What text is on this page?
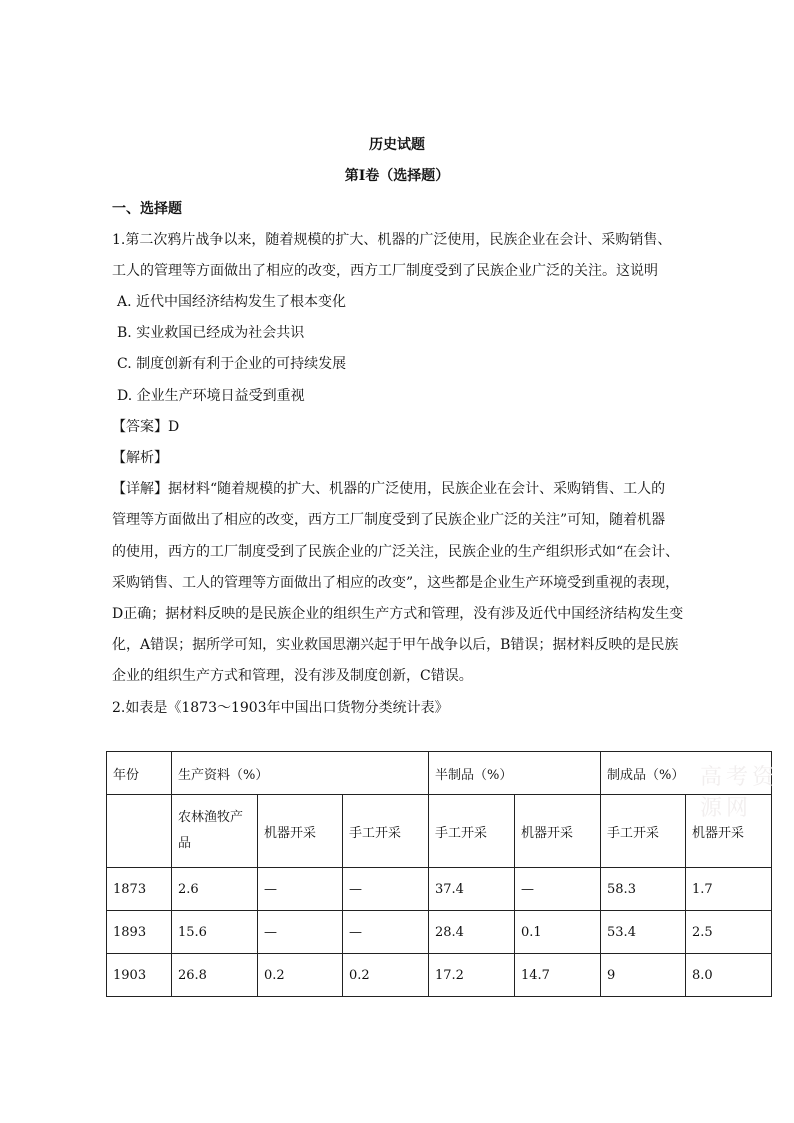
历史试题
第Ⅰ卷（选择题）
一、选择题
1.第二次鸦片战争以来，随着规模的扩大、机器的广泛使用，民族企业在会计、采购销售、
工人的管理等方面做出了相应的改变，西方工厂制度受到了民族企业广泛的关注。这说明
A. 近代中国经济结构发生了根本变化
B. 实业救国已经成为社会共识
C. 制度创新有利于企业的可持续发展
D. 企业生产环境日益受到重视
【答案】D
【解析】
【详解】据材料“随着规模的扩大、机器的广泛使用，民族企业在会计、采购销售、工人的
管理等方面做出了相应的改变，西方工厂制度受到了民族企业广泛的关注”可知，随着机器
的使用，西方的工厂制度受到了民族企业的广泛关注，民族企业的生产组织形式如“在会计、
采购销售、工人的管理等方面做出了相应的改变”，这些都是企业生产环境受到重视的表现，
D正确；据材料反映的是民族企业的组织生产方式和管理，没有涉及近代中国经济结构发生变
化，A错误；据所学可知，实业救国思潮兴起于甲午战争以后，B错误；据材料反映的是民族
企业的组织生产方式和管理，没有涉及制度创新，C错误。
2.如表是《1873～1903年中国出口货物分类统计表》
年份	生产资料（%）			半制品（%）		制成品（%）	
	农林渔牧产
品	机器开采	手工开采	手工开采	机器开采	手工开采	机器开采
1873	2.6	—	—	37.4	—	58.3	1.7
1893	15.6	—	—	28.4	0.1	53.4	2.5
1903	26.8	0.2	0.2	17.2	14.7	9	8.0
高考资源网
